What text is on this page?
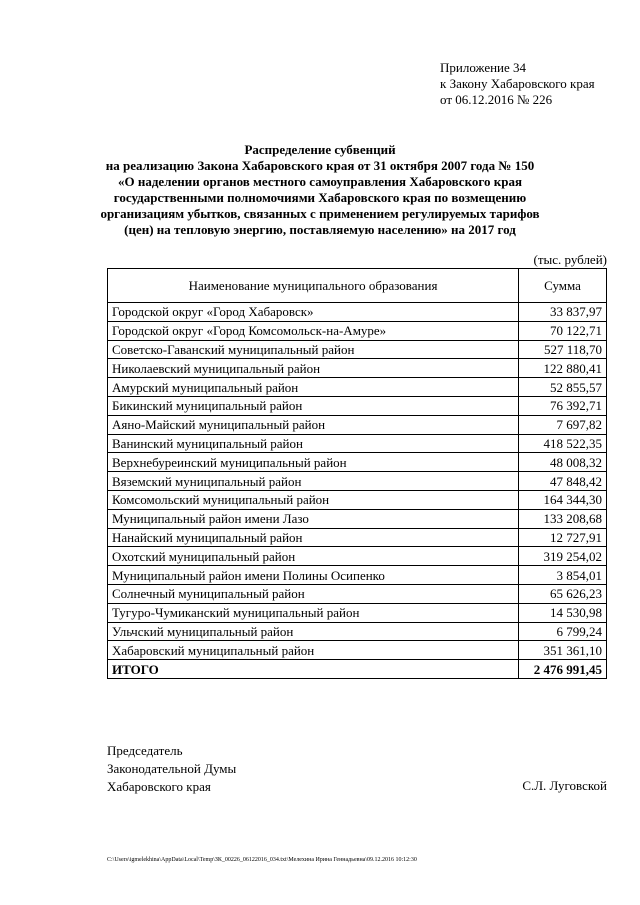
Приложение 34
к Закону Хабаровского края
от 06.12.2016 № 226
Распределение субвенций
на реализацию Закона Хабаровского края от 31 октября 2007 года № 150
«О наделении органов местного самоуправления Хабаровского края
государственными полномочиями Хабаровского края по возмещению
организациям убытков, связанных с применением регулируемых тарифов
(цен) на тепловую энергию, поставляемую населению» на 2017 год
(тыс. рублей)
Наименование муниципального образования	Сумма
Городской округ «Город Хабаровск»	33 837,97
Городской округ «Город Комсомольск-на-Амуре»	70 122,71
Советско-Гаванский муниципальный район	527 118,70
Николаевский муниципальный район	122 880,41
Амурский муниципальный район	52 855,57
Бикинский муниципальный район	76 392,71
Аяно-Майский муниципальный район	7 697,82
Ванинский муниципальный район	418 522,35
Верхнебуреинский муниципальный район	48 008,32
Вяземский муниципальный район	47 848,42
Комсомольский муниципальный район	164 344,30
Муниципальный район имени Лазо	133 208,68
Нанайский муниципальный район	12 727,91
Охотский муниципальный район	319 254,02
Муниципальный район имени Полины Осипенко	3 854,01
Солнечный муниципальный район	65 626,23
Тугуро-Чумиканский муниципальный район	14 530,98
Ульчский муниципальный район	6 799,24
Хабаровский муниципальный район	351 361,10
ИТОГО	2 476 991,45
Председатель
Законодательной Думы
Хабаровского края	С.Л. Луговской
C:\Users\igmelekhina\AppData\Local\Temp\ЗК_00226_06122016_034.txt\Мелехина Ирина Геннадьевна\09.12.2016 10:12:30
